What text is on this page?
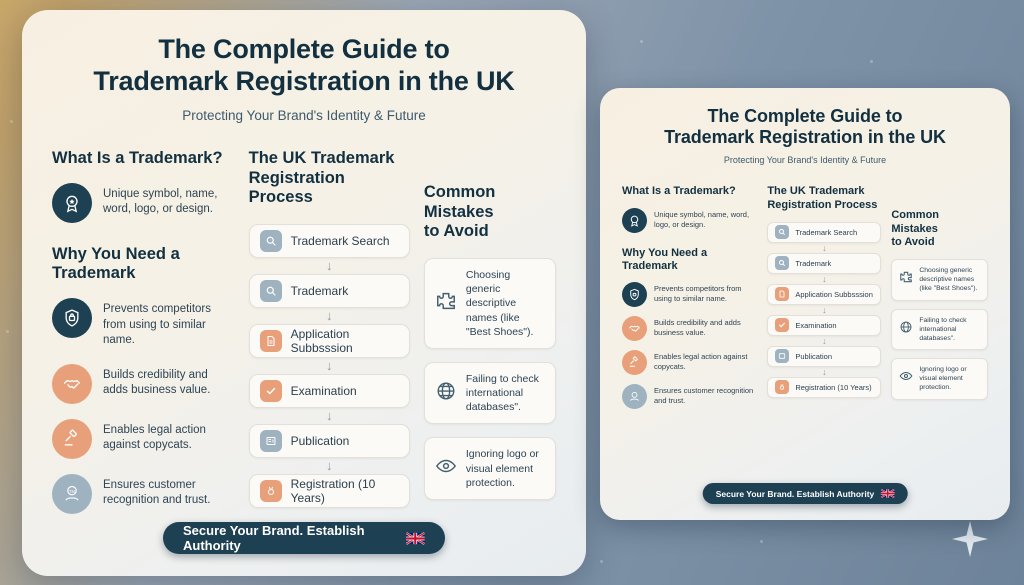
The Complete Guide to
Trademark Registration in the UK
Protecting Your Brand's Identity & Future
What Is a Trademark?
Unique symbol, name, word, logo, or design.
Why You Need a Trademark
Prevents competitors from using to similar name.
Builds credibility and adds business value.
Enables legal action against copycats.
TM
Ensures customer recognition and trust.
The UK Trademark
Registration Process
Trademark Search
↓
Trademark
↓
Application Subbsssion
↓
Examination
↓
Publication
↓
Registration (10 Years)
Common Mistakes
to Avoid
Choosing generic descriptive names (like "Best Shoes").
Failing to check international databases".
Ignoring logo or visual element protection.
Secure Your Brand. Establish Authority
The Complete Guide to
Trademark Registration in the UK
Protecting Your Brand's Identity & Future
What Is a Trademark?
Unique symbol, name, word, logo, or design.
Why You Need a Trademark
Prevents competitors from using to similar name.
Builds credibility and adds business value.
Enables legal action against copycats.
Ensures customer recognition and trust.
The UK Trademark
Registration Process
Trademark Search
↓
Trademark
↓
Application Subbsssion
↓
Examination
↓
Publication
↓
Registration (10 Years)
Common Mistakes
to Avoid
Choosing generic descriptive names (like "Best Shoes").
Failing to check international databases".
Ignoring logo or visual element protection.
Secure Your Brand. Establish Authority
